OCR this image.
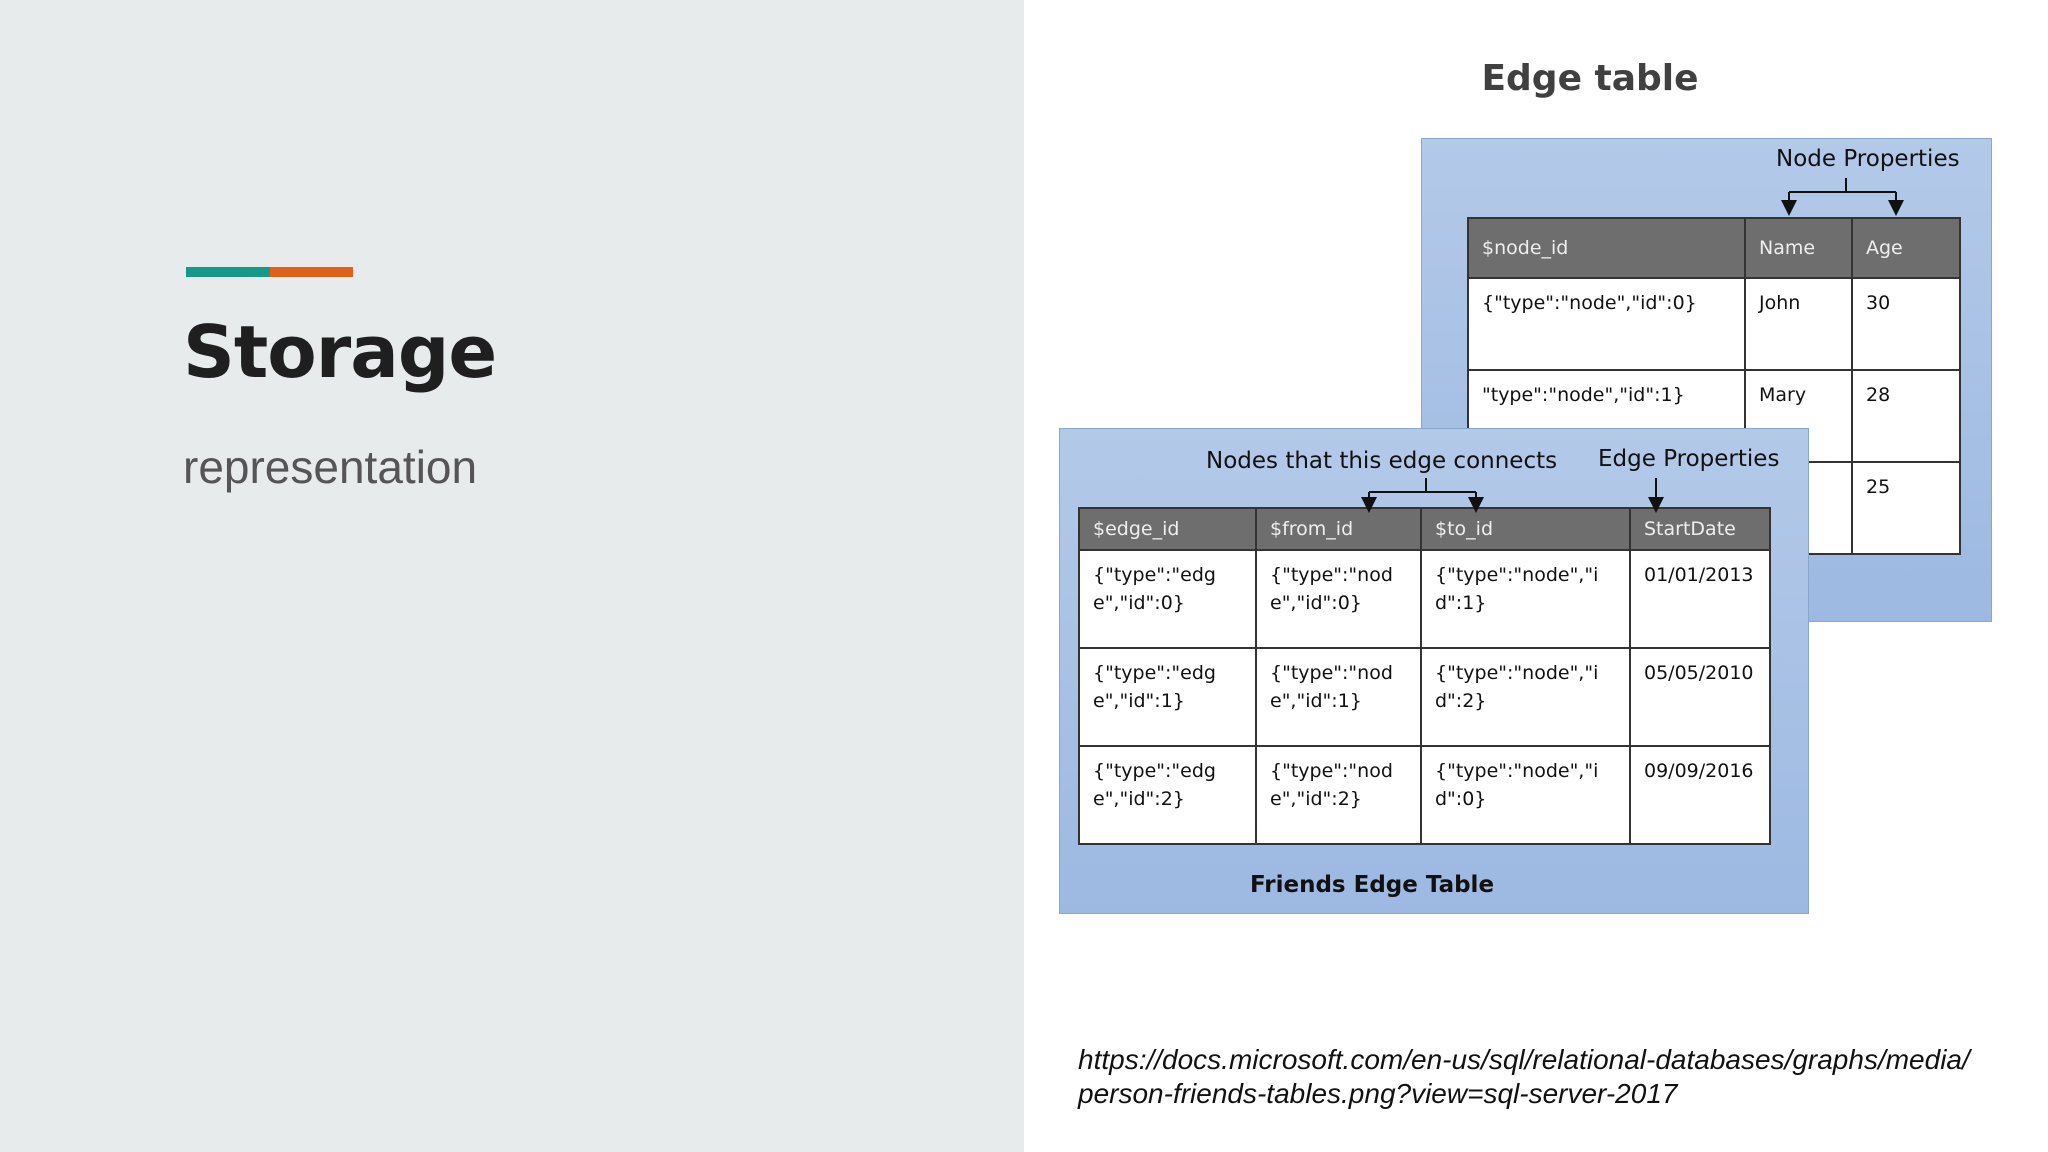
Storage

representation

Edge table

Node Properties

$node_id	Name	Age
{"type":"node","id":0}	John	30
"type":"node","id":1}	Mary	28
		25

Nodes that this edge connects Edge Properties

$edge_id	$from_id	$to_id	StartDate
{"type":"edge","id":0}	{"type":"node","id":0}	{"type":"node","id":1}	01/01/2013
{"type":"edge","id":1}	{"type":"node","id":1}	{"type":"node","id":2}	05/05/2010
{"type":"edge","id":2}	{"type":"node","id":2}	{"type":"node","id":0}	09/09/2016

Friends Edge Table

https://docs.microsoft.com/en-us/sql/relational-databases/graphs/media/
person-friends-tables.png?view=sql-server-2017
